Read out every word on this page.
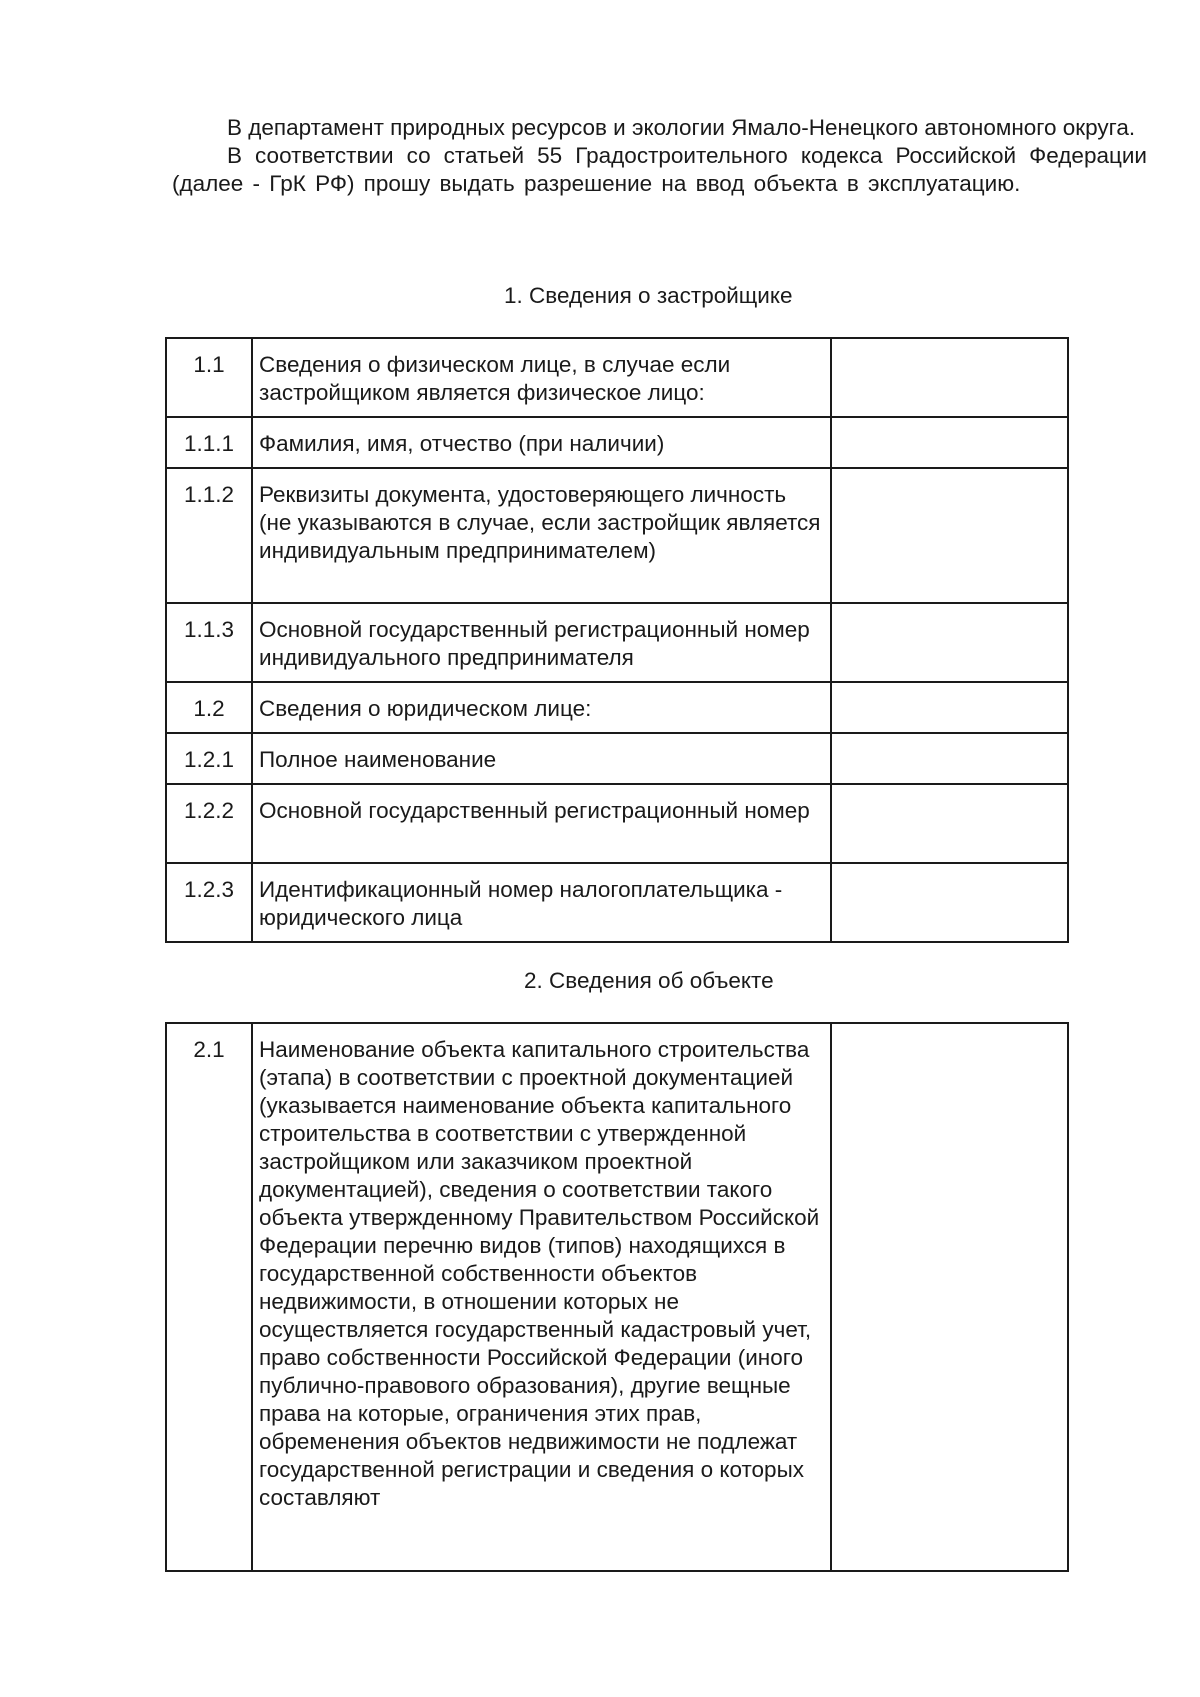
В департамент природных ресурсов и экологии Ямало-Ненецкого автономного округа.

В соответствии со статьей 55 Градостроительного кодекса Российской Федерации (далее - ГрК РФ) прошу выдать разрешение на ввод объекта в эксплуатацию.

1. Сведения о застройщике
1.1	Сведения о физическом лице, в случае если застройщиком является физическое лицо:	
1.1.1	Фамилия, имя, отчество (при наличии)	
1.1.2	Реквизиты документа, удостоверяющего личность (не указываются в случае, если застройщик является индивидуальным предпринимателем)	
1.1.3	Основной государственный регистрационный номер индивидуального предпринимателя	
1.2	Сведения о юридическом лице:	
1.2.1	Полное наименование	
1.2.2	Основной государственный регистрационный номер	
1.2.3	Идентификационный номер налогоплательщика - юридического лица	
2. Сведения об объекте
2.1	Наименование объекта капитального строительства (этапа) в соответствии с проектной документацией (указывается наименование объекта капитального строительства в соответствии с утвержденной застройщиком или заказчиком проектной документацией), сведения о соответствии такого объекта утвержденному Правительством Российской Федерации перечню видов (типов) находящихся в государственной собственности объектов недвижимости, в отношении которых не осуществляется государственный кадастровый учет, право собственности Российской Федерации (иного публично-правового образования), другие вещные права на которые, ограничения этих прав, обременения объектов недвижимости не подлежат государственной регистрации и сведения о которых составляют	
